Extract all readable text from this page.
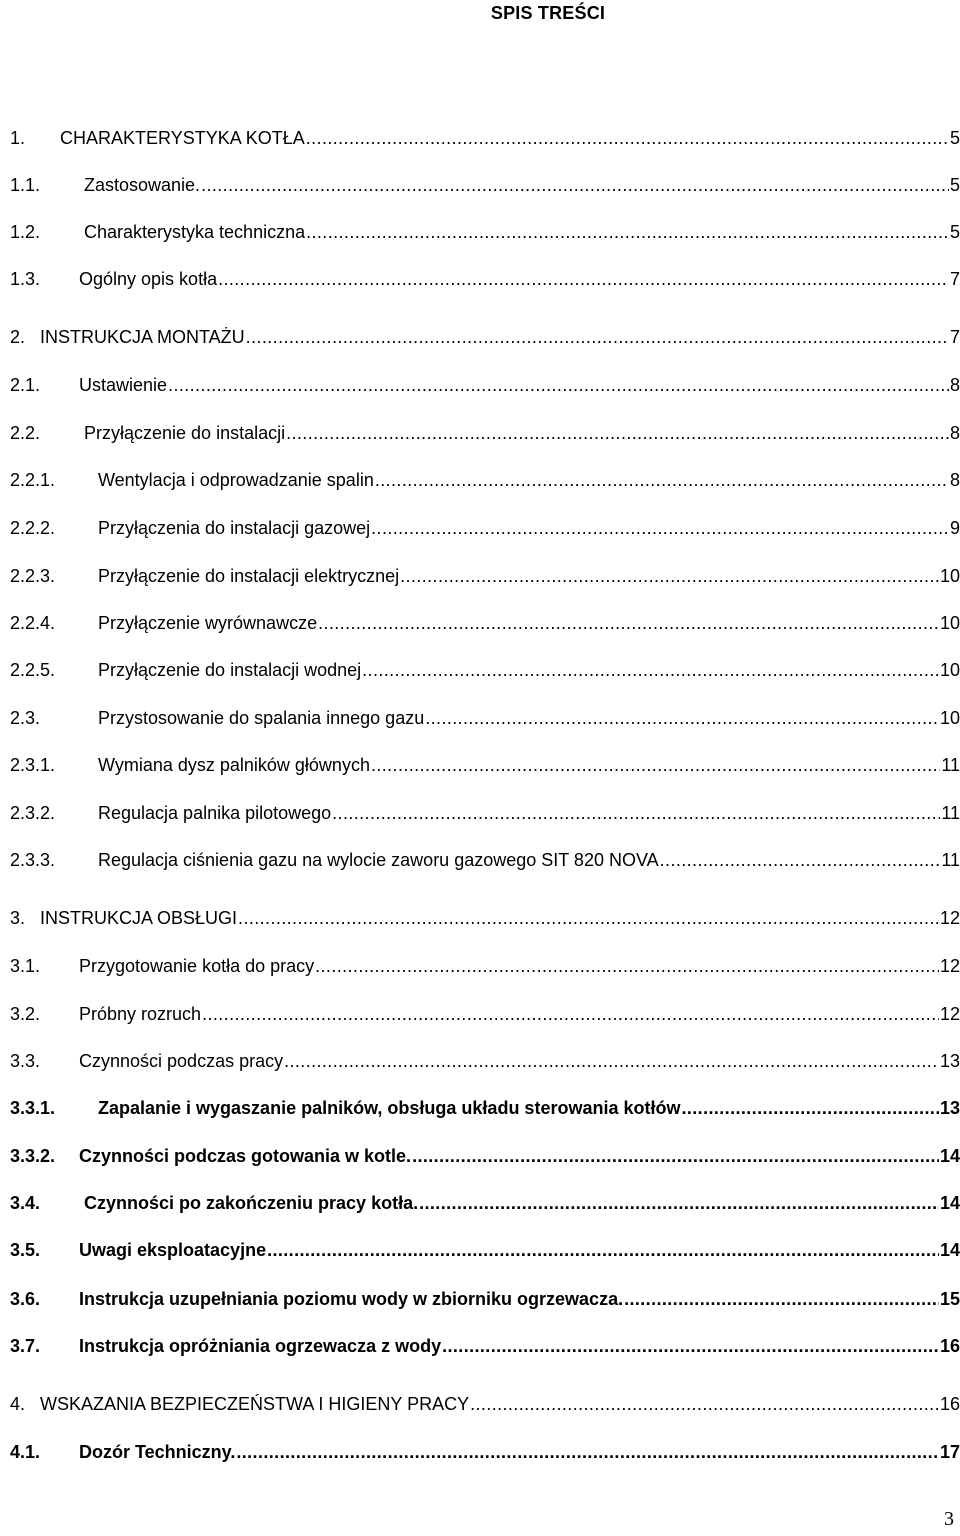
SPIS TREŚCI
1. CHARAKTERYSTYKA KOTŁA .....	5
1.1. Zastosowanie. .....	5
1.2. Charakterystyka techniczna .....	5
1.3. Ogólny opis kotła .....	7
2. INSTRUKCJA MONTAŻU .....	7
2.1. Ustawienie .....	8
2.2. Przyłączenie do instalacji .....	8
2.2.1. Wentylacja i odprowadzanie spalin .....	8
2.2.2. Przyłączenia do instalacji gazowej .....	9
2.2.3. Przyłączenie do instalacji elektrycznej .....	10
2.2.4. Przyłączenie wyrównawcze .....	10
2.2.5. Przyłączenie do instalacji wodnej .....	10
2.3.	Przystosowanie do spalania innego gazu .....	10
2.3.1. Wymiana dysz palników głównych .....	11
2.3.2. Regulacja palnika pilotowego .....	11
2.3.3. Regulacja ciśnienia gazu na wylocie zaworu gazowego SIT 820 NOVA .....	11
3. INSTRUKCJA OBSŁUGI .....	12
3.1. Przygotowanie kotła do pracy .....	12
3.2. Próbny rozruch .....	12
3.3. Czynności podczas pracy .....	13
3.3.1. Zapalanie i wygaszanie palników, obsługa układu sterowania kotłów .....	13
3.3.2. Czynności podczas gotowania w kotle. .....	14
3.4. Czynności po zakończeniu pracy kotła. .....	14
3.5. Uwagi eksploatacyjne .....	14
3.6. Instrukcja uzupełniania poziomu wody w zbiorniku ogrzewacza. .....	15
3.7. Instrukcja opróżniania ogrzewacza z wody .....	16
4. WSKAZANIA BEZPIECZEŃSTWA I HIGIENY PRACY .....	16
4.1. Dozór Techniczny. .....	17
3
